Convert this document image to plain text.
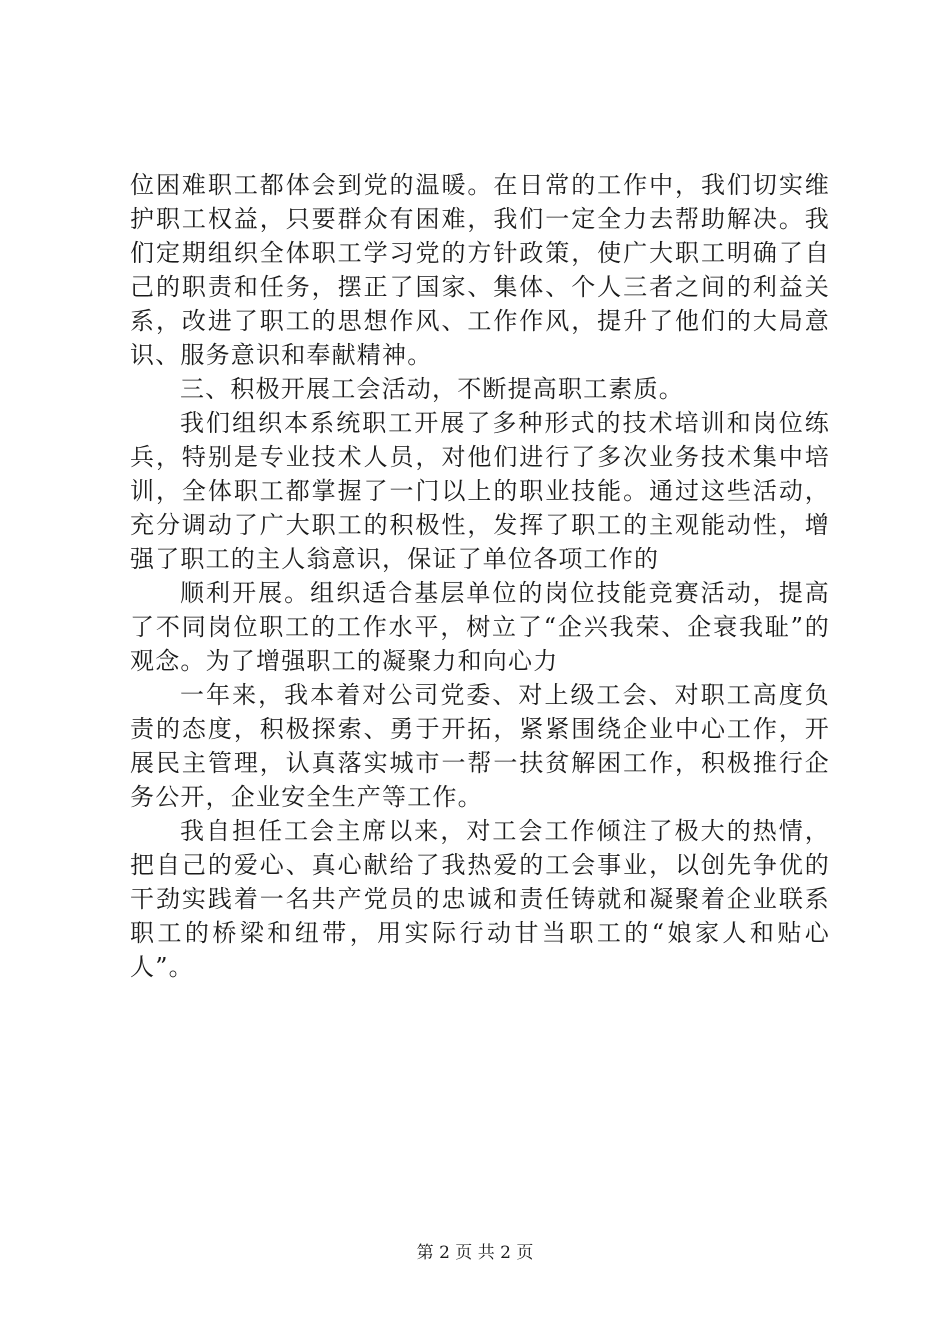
位困难职工都体会到党的温暖。在日常的工作中，我们切实维护职工权益，只要群众有困难，我们一定全力去帮助解决。我们定期组织全体职工学习党的方针政策，使广大职工明确了自己的职责和任务，摆正了国家、集体、个人三者之间的利益关系，改进了职工的思想作风、工作作风，提升了他们的大局意识、服务意识和奉献精神。

三、积极开展工会活动，不断提高职工素质。

我们组织本系统职工开展了多种形式的技术培训和岗位练兵，特别是专业技术人员，对他们进行了多次业务技术集中培训，全体职工都掌握了一门以上的职业技能。通过这些活动，充分调动了广大职工的积极性，发挥了职工的主观能动性，增强了职工的主人翁意识，保证了单位各项工作的

顺利开展。组织适合基层单位的岗位技能竞赛活动，提高了不同岗位职工的工作水平，树立了“企兴我荣、企衰我耻”的观念。为了增强职工的凝聚力和向心力

一年来，我本着对公司党委、对上级工会、对职工高度负责的态度，积极探索、勇于开拓，紧紧围绕企业中心工作，开展民主管理，认真落实城市一帮一扶贫解困工作，积极推行企务公开，企业安全生产等工作。

我自担任工会主席以来，对工会工作倾注了极大的热情，把自己的爱心、真心献给了我热爱的工会事业，以创先争优的干劲实践着一名共产党员的忠诚和责任铸就和凝聚着企业联系职工的桥梁和纽带，用实际行动甘当职工的“娘家人和贴心人”。

第 2 页 共 2 页
